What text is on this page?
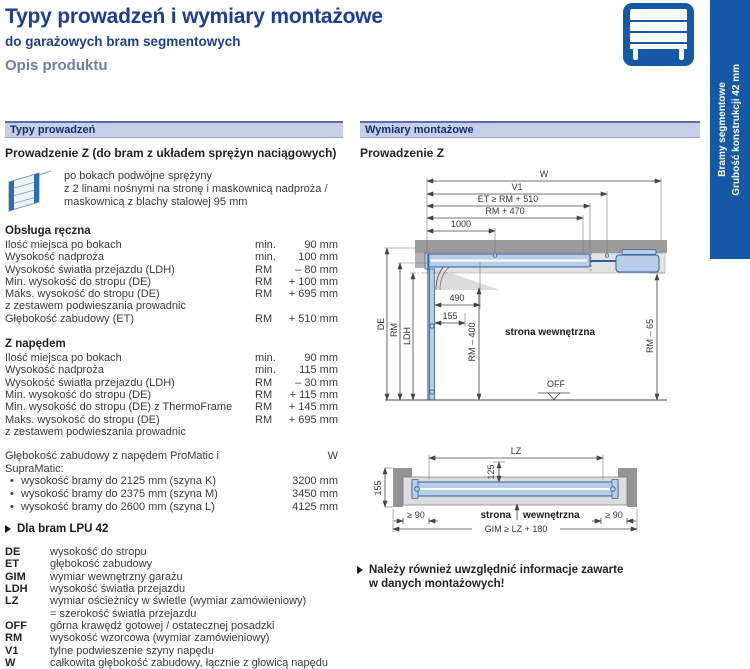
Typy prowadzeń i wymiary montażowe
do garażowych bram segmentowych
Opis produktu
Bramy segmentowe Grubość konstrukcji 42 mm
Typy prowadzeń
Prowadzenie Z (do bram z układem sprężyn naciągowych)
po bokach podwójne sprężyny
z 2 linami nośnymi na stronę i maskownicą nadproża /
maskownicą z blachy stalowej 95 mm
Obsługa ręczna
Ilość miejsca po bokach	min.	90 mm
Wysokość nadproża	min.	100 mm
Wysokość światła przejazdu (LDH)	RM	– 80 mm
Min. wysokość do stropu (DE)	RM	+ 100 mm
Maks. wysokość do stropu (DE)	RM	+ 695 mm
z zestawem podwieszania prowadnic
Głębokość zabudowy (ET)	RM	+ 510 mm
Z napędem
Ilość miejsca po bokach	min.	90 mm
Wysokość nadproża	min.	115 mm
Wysokość światła przejazdu (LDH)	RM	– 30 mm
Min. wysokość do stropu (DE)	RM	+ 115 mm
Min. wysokość do stropu (DE) z ThermoFrame	RM	+ 145 mm
Maks. wysokość do stropu (DE)	RM	+ 695 mm
z zestawem podwieszania prowadnic
Głębokość zabudowy z napędem ProMatic i SupraMatic:
W
• wysokość bramy do 2125 mm (szyna K)	3200 mm
• wysokość bramy do 2375 mm (szyna M)	3450 mm
• wysokość bramy do 2600 mm (szyna L)	4125 mm
Dla bram LPU 42
DE	wysokość do stropu
ET	głębokość zabudowy
GIM	wymiar wewnętrzny garażu
LDH	wysokość światła przejazdu
LZ	wymiar ościeżnicy w świetle (wymiar zamówieniowy)
= szerokość światła przejazdu
OFF	górna krawędź gotowej / ostatecznej posadzki
RM	wysokość wzorcowa (wymiar zamówieniowy)
V1	tylne podwieszenie szyny napędu
W	całkowita głębokość zabudowy, łącznie z głowicą napędu
Wymiary montażowe
Prowadzenie Z
W
V1
ET ≥ RM + 510
RM + 470
1000
DE RM LDH
490
155
RM – 400	RM – 65
strona wewnętrzna
OFF
LZ
125
155
strona wewnętrzna
≥ 90	≥ 90
GIM ≥ LZ + 180
Należy również uwzględnić informacje zawarte
w danych montażowych!
